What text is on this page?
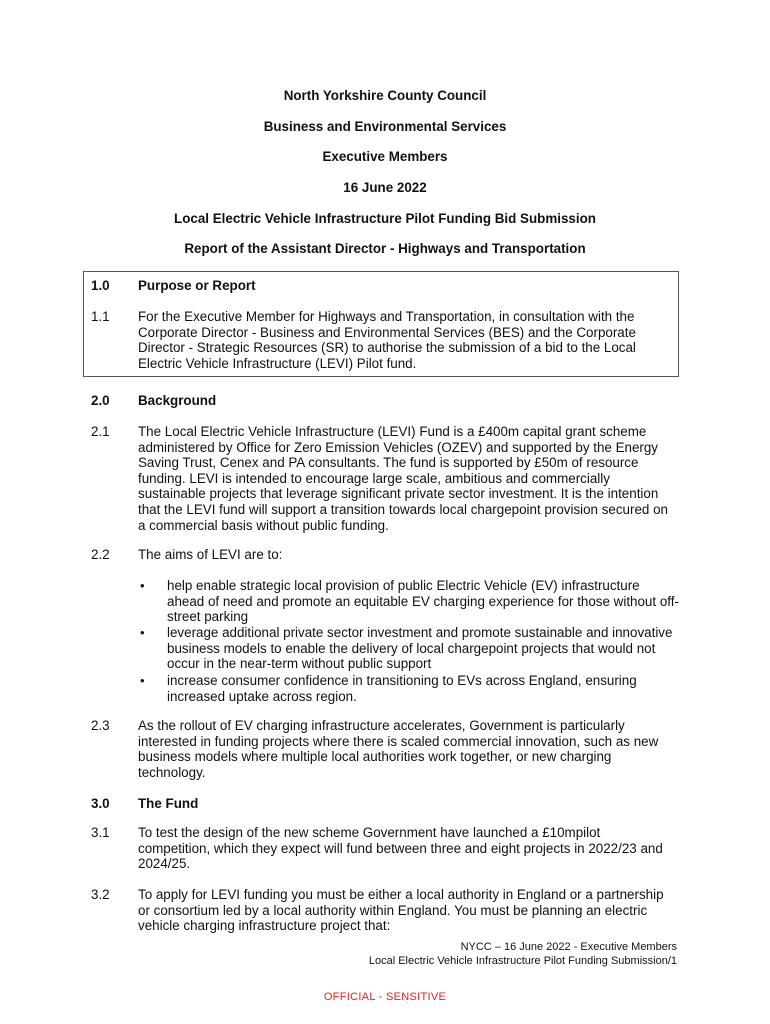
North Yorkshire County Council
Business and Environmental Services
Executive Members
16 June 2022
Local Electric Vehicle Infrastructure Pilot Funding Bid Submission
Report of the Assistant Director - Highways and Transportation
1.0 Purpose or Report
1.1 For the Executive Member for Highways and Transportation, in consultation with the Corporate Director - Business and Environmental Services (BES) and the Corporate Director - Strategic Resources (SR) to authorise the submission of a bid to the Local Electric Vehicle Infrastructure (LEVI) Pilot fund.
2.0 Background
2.1 The Local Electric Vehicle Infrastructure (LEVI) Fund is a £400m capital grant scheme administered by Office for Zero Emission Vehicles (OZEV) and supported by the Energy Saving Trust, Cenex and PA consultants. The fund is supported by £50m of resource funding. LEVI is intended to encourage large scale, ambitious and commercially sustainable projects that leverage significant private sector investment. It is the intention that the LEVI fund will support a transition towards local chargepoint provision secured on a commercial basis without public funding.
2.2 The aims of LEVI are to:
• help enable strategic local provision of public Electric Vehicle (EV) infrastructure ahead of need and promote an equitable EV charging experience for those without off-street parking
• leverage additional private sector investment and promote sustainable and innovative business models to enable the delivery of local chargepoint projects that would not occur in the near-term without public support
• increase consumer confidence in transitioning to EVs across England, ensuring increased uptake across region.
2.3 As the rollout of EV charging infrastructure accelerates, Government is particularly interested in funding projects where there is scaled commercial innovation, such as new business models where multiple local authorities work together, or new charging technology.
3.0 The Fund
3.1 To test the design of the new scheme Government have launched a £10mpilot competition, which they expect will fund between three and eight projects in 2022/23 and 2024/25.
3.2 To apply for LEVI funding you must be either a local authority in England or a partnership or consortium led by a local authority within England. You must be planning an electric vehicle charging infrastructure project that:
NYCC – 16 June 2022 - Executive Members
Local Electric Vehicle Infrastructure Pilot Funding Submission/1
OFFICIAL - SENSITIVE
